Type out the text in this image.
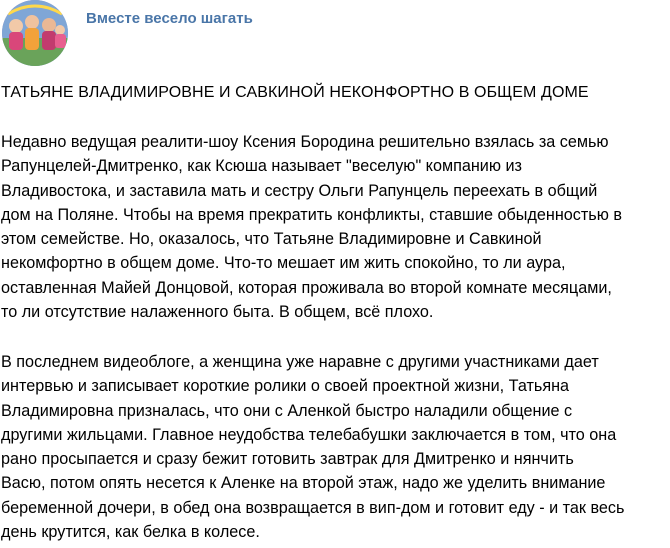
Вместе весело шагать
ТАТЬЯНЕ ВЛАДИМИРОВНЕ И САВКИНОЙ НЕКОНФОРТНО В ОБЩЕМ ДОМЕ
Недавно ведущая реалити-шоу Ксения Бородина решительно взялась за семью
Рапунцелей-Дмитренко, как Ксюша называет "веселую" компанию из
Владивостока, и заставила мать и сестру Ольги Рапунцель переехать в общий
дом на Поляне. Чтобы на время прекратить конфликты, ставшие обыденностью в
этом семействе. Но, оказалось, что Татьяне Владимировне и Савкиной
некомфортно в общем доме. Что-то мешает им жить спокойно, то ли аура,
оставленная Майей Донцовой, которая проживала во второй комнате месяцами,
то ли отсутствие налаженного быта. В общем, всё плохо.
В последнем видеоблоге, а женщина уже наравне с другими участниками дает
интервью и записывает короткие ролики о своей проектной жизни, Татьяна
Владимировна призналась, что они с Аленкой быстро наладили общение с
другими жильцами. Главное неудобства телебабушки заключается в том, что она
рано просыпается и сразу бежит готовить завтрак для Дмитренко и нянчить
Васю, потом опять несется к Аленке на второй этаж, надо же уделить внимание
беременной дочери, в обед она возвращается в вип-дом и готовит еду - и так весь
день крутится, как белка в колесе.
